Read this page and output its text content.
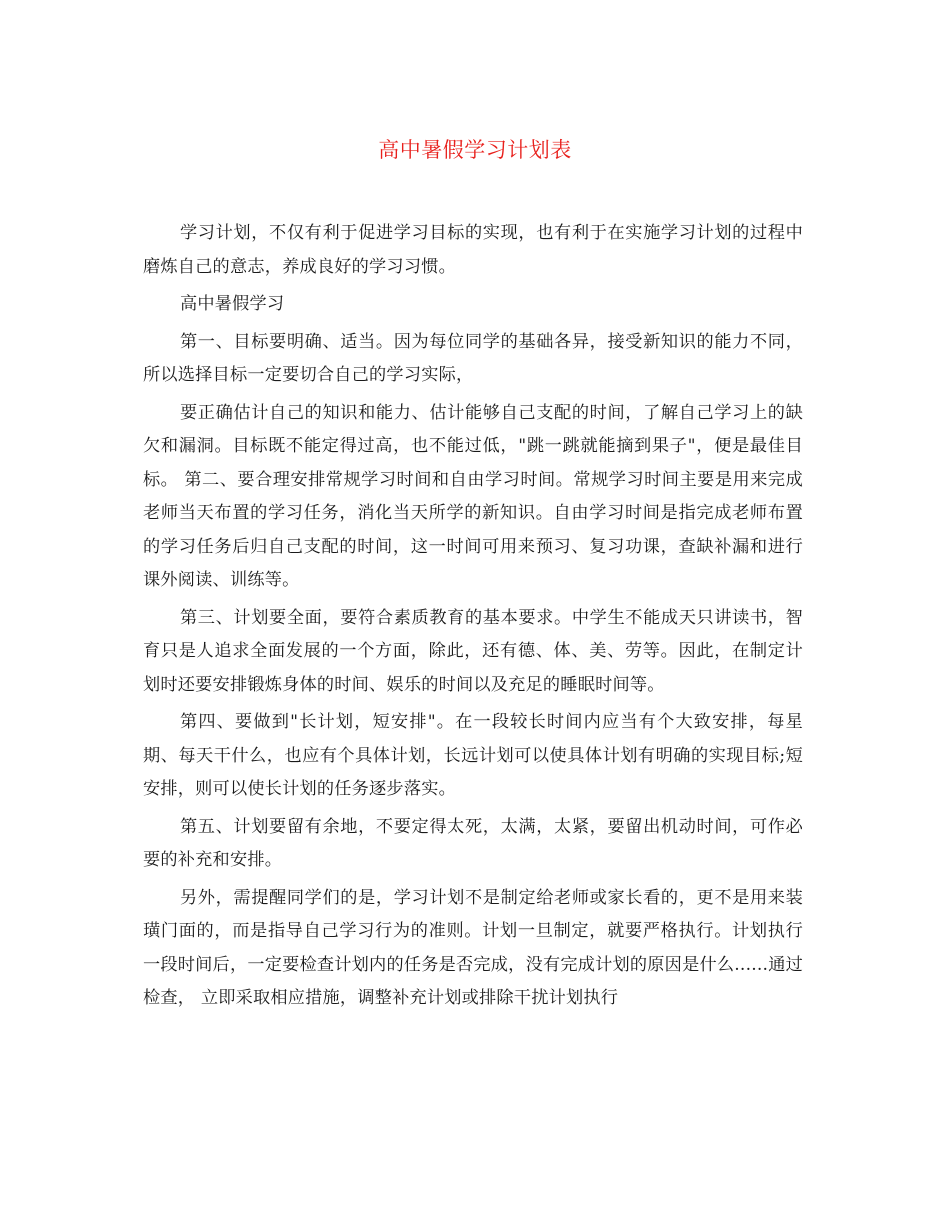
高中暑假学习计划表

学习计划，不仅有利于促进学习目标的实现，也有利于在实施学习计划的过程中磨炼自己的意志，养成良好的学习习惯。

高中暑假学习

第一、目标要明确、适当。因为每位同学的基础各异，接受新知识的能力不同，所以选择目标一定要切合自己的学习实际，

要正确估计自己的知识和能力、估计能够自己支配的时间，了解自己学习上的缺欠和漏洞。目标既不能定得过高，也不能过低，"跳一跳就能摘到果子"，便是最佳目标。 第二、要合理安排常规学习时间和自由学习时间。常规学习时间主要是用来完成老师当天布置的学习任务，消化当天所学的新知识。自由学习时间是指完成老师布置的学习任务后归自己支配的时间，这一时间可用来预习、复习功课，查缺补漏和进行课外阅读、训练等。

第三、计划要全面，要符合素质教育的基本要求。中学生不能成天只讲读书，智育只是人追求全面发展的一个方面，除此，还有德、体、美、劳等。因此，在制定计划时还要安排锻炼身体的时间、娱乐的时间以及充足的睡眠时间等。

第四、要做到"长计划，短安排"。在一段较长时间内应当有个大致安排，每星期、每天干什么，也应有个具体计划，长远计划可以使具体计划有明确的实现目标;短安排，则可以使长计划的任务逐步落实。

第五、计划要留有余地，不要定得太死，太满，太紧，要留出机动时间，可作必要的补充和安排。

另外，需提醒同学们的是，学习计划不是制定给老师或家长看的，更不是用来装璜门面的，而是指导自己学习行为的准则。计划一旦制定，就要严格执行。计划执行一段时间后，一定要检查计划内的任务是否完成，没有完成计划的原因是什么......通过检查， 立即采取相应措施，调整补充计划或排除干扰计划执行
